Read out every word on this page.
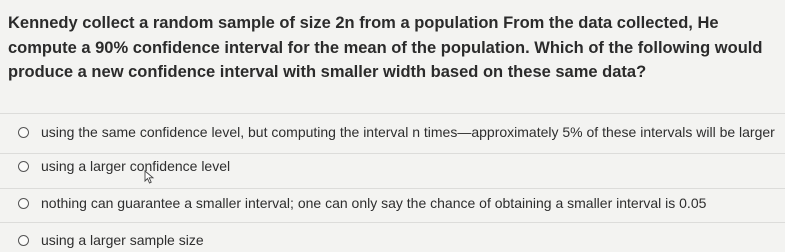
Kennedy collect a random sample of size 2n from a population From the data collected, He compute a 90% confidence interval for the mean of the population. Which of the following would produce a new confidence interval with smaller width based on these same data?
using the same confidence level, but computing the interval n times—approximately 5% of these intervals will be larger
using a larger confidence level
nothing can guarantee a smaller interval; one can only say the chance of obtaining a smaller interval is 0.05
using a larger sample size
